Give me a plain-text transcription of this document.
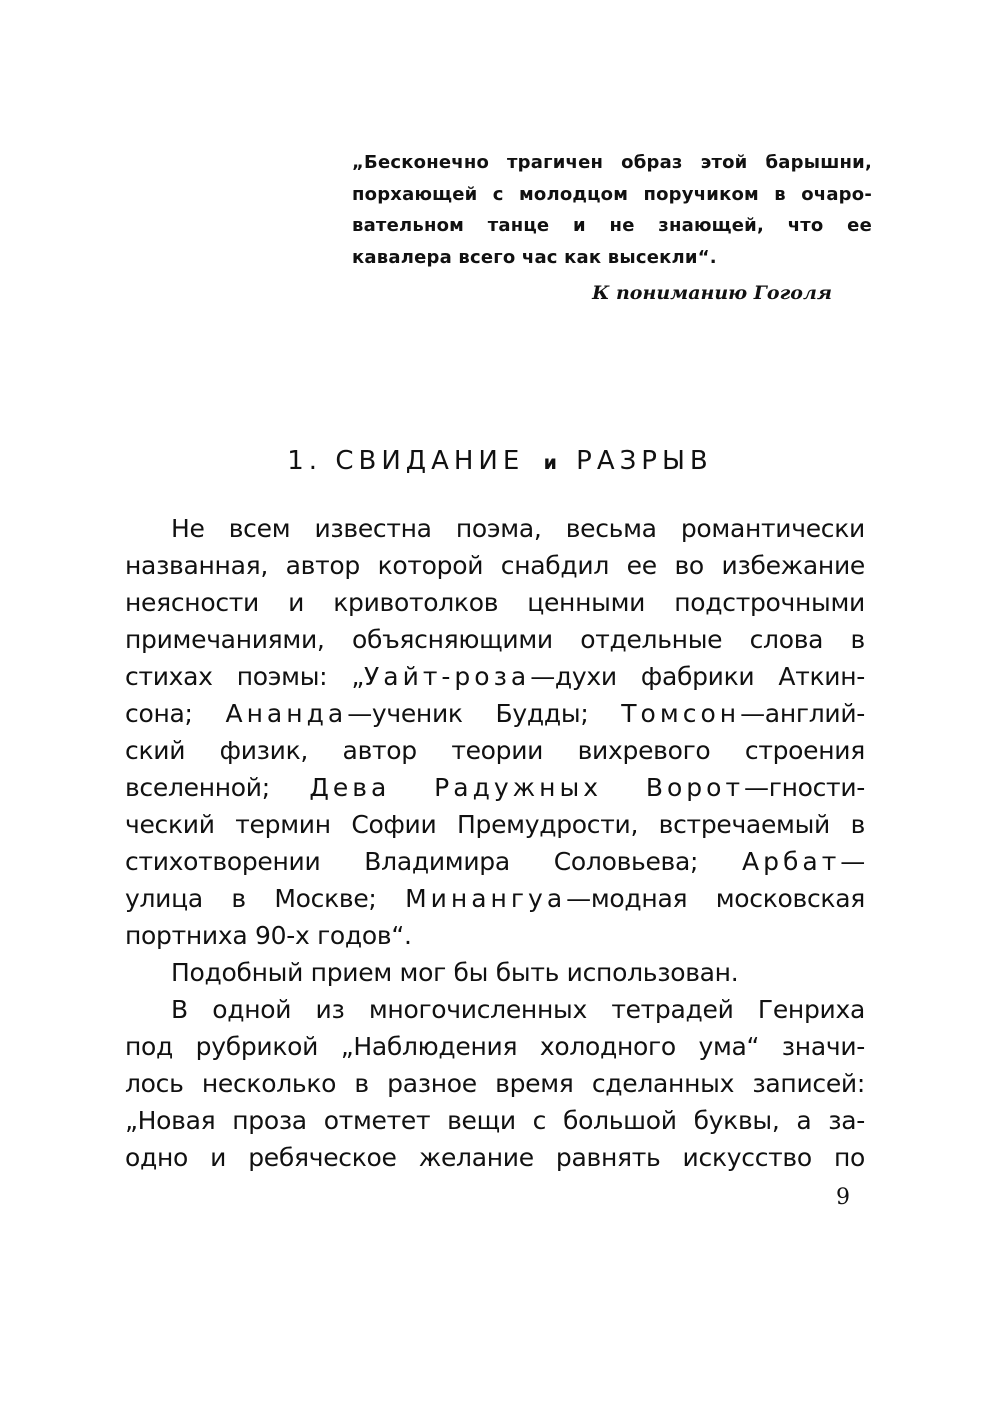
„Бесконечно трагичен образ этой барышни,
порхающей с молодцом поручиком в очаро-
вательном танце и не знающей, что ее
кавалера всего час как высекли“.
К пониманию Гоголя
1. СВИДАНИЕ и РАЗРЫВ
Не всем известна поэма, весьма романтически
названная, автор которой снабдил ее во избежание
неясности и кривотолков ценными подстрочными
примечаниями, объясняющими отдельные слова в
стихах поэмы: „Уайт-роза—духи фабрики Аткин-
сона; Ананда—ученик Будды; Томсон—англий-
ский физик, автор теории вихревого строения
вселенной; Дева Радужных Ворот—гности-
ческий термин Софии Премудрости, встречаемый в
стихотворении Владимира Соловьева; Арбат—
улица в Москве; Минангуа—модная московская
портниха 90-х годов“.
Подобный прием мог бы быть использован.
В одной из многочисленных тетрадей Генриха
под рубрикой „Наблюдения холодного ума“ значи-
лось несколько в разное время сделанных записей:
„Новая проза отметет вещи с большой буквы, а за-
одно и ребяческое желание равнять искусство по
9
